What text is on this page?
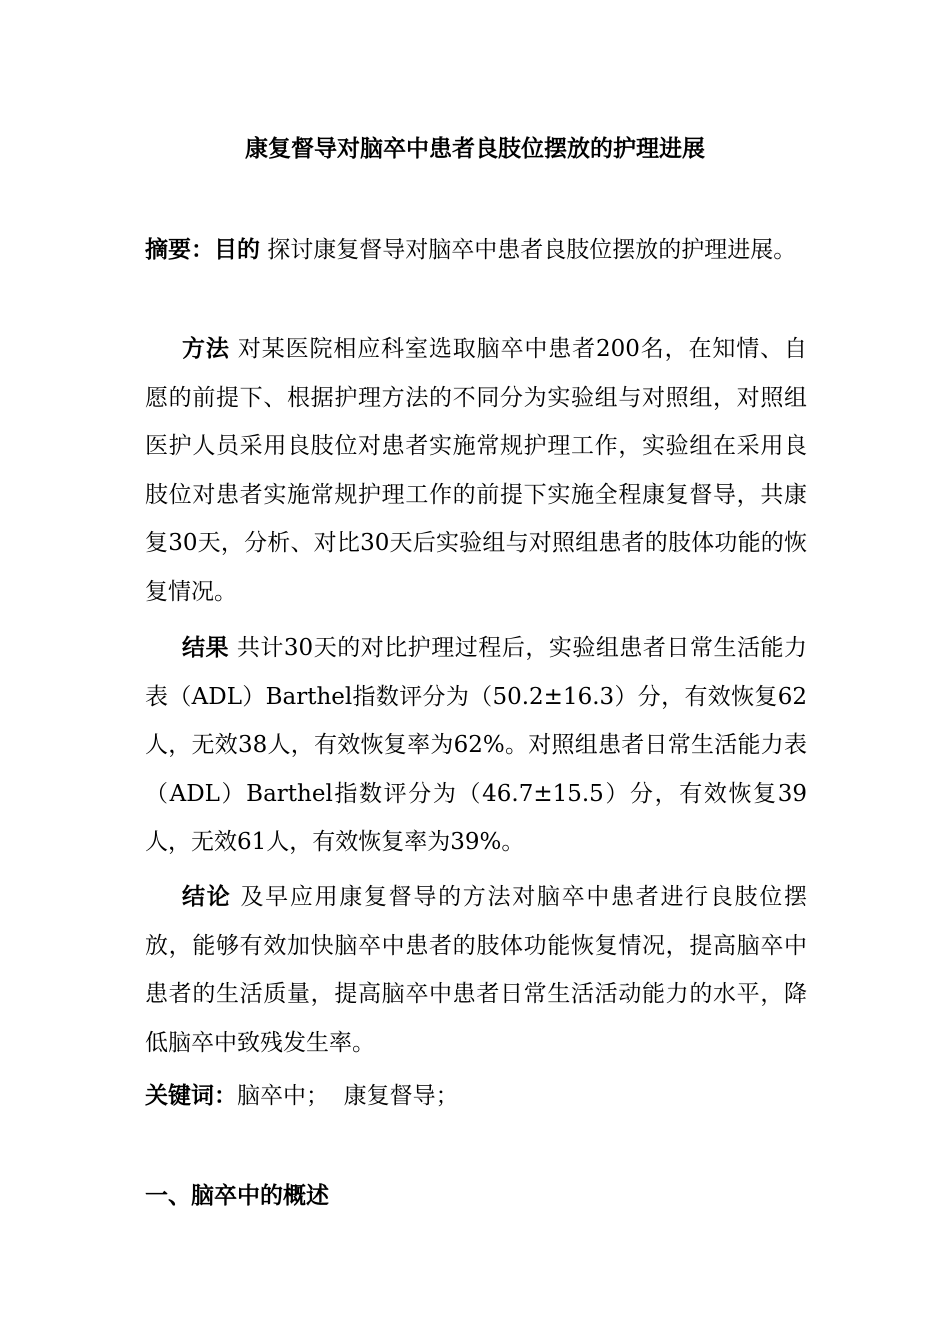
康复督导对脑卒中患者良肢位摆放的护理进展

摘要：目的 探讨康复督导对脑卒中患者良肢位摆放的护理进展。

方法 对某医院相应科室选取脑卒中患者200名，在知情、自愿的前提下、根据护理方法的不同分为实验组与对照组，对照组医护人员采用良肢位对患者实施常规护理工作，实验组在采用良肢位对患者实施常规护理工作的前提下实施全程康复督导，共康复30天，分析、对比30天后实验组与对照组患者的肢体功能的恢复情况。

结果 共计30天的对比护理过程后，实验组患者日常生活能力表（ADL）Barthel指数评分为（50.2±16.3）分，有效恢复62人，无效38人，有效恢复率为62%。对照组患者日常生活能力表（ADL）Barthel指数评分为（46.7±15.5）分，有效恢复39人，无效61人，有效恢复率为39%。

结论 及早应用康复督导的方法对脑卒中患者进行良肢位摆放，能够有效加快脑卒中患者的肢体功能恢复情况，提高脑卒中患者的生活质量，提高脑卒中患者日常生活活动能力的水平，降低脑卒中致残发生率。

关键词：脑卒中；  康复督导；
一、脑卒中的概述
